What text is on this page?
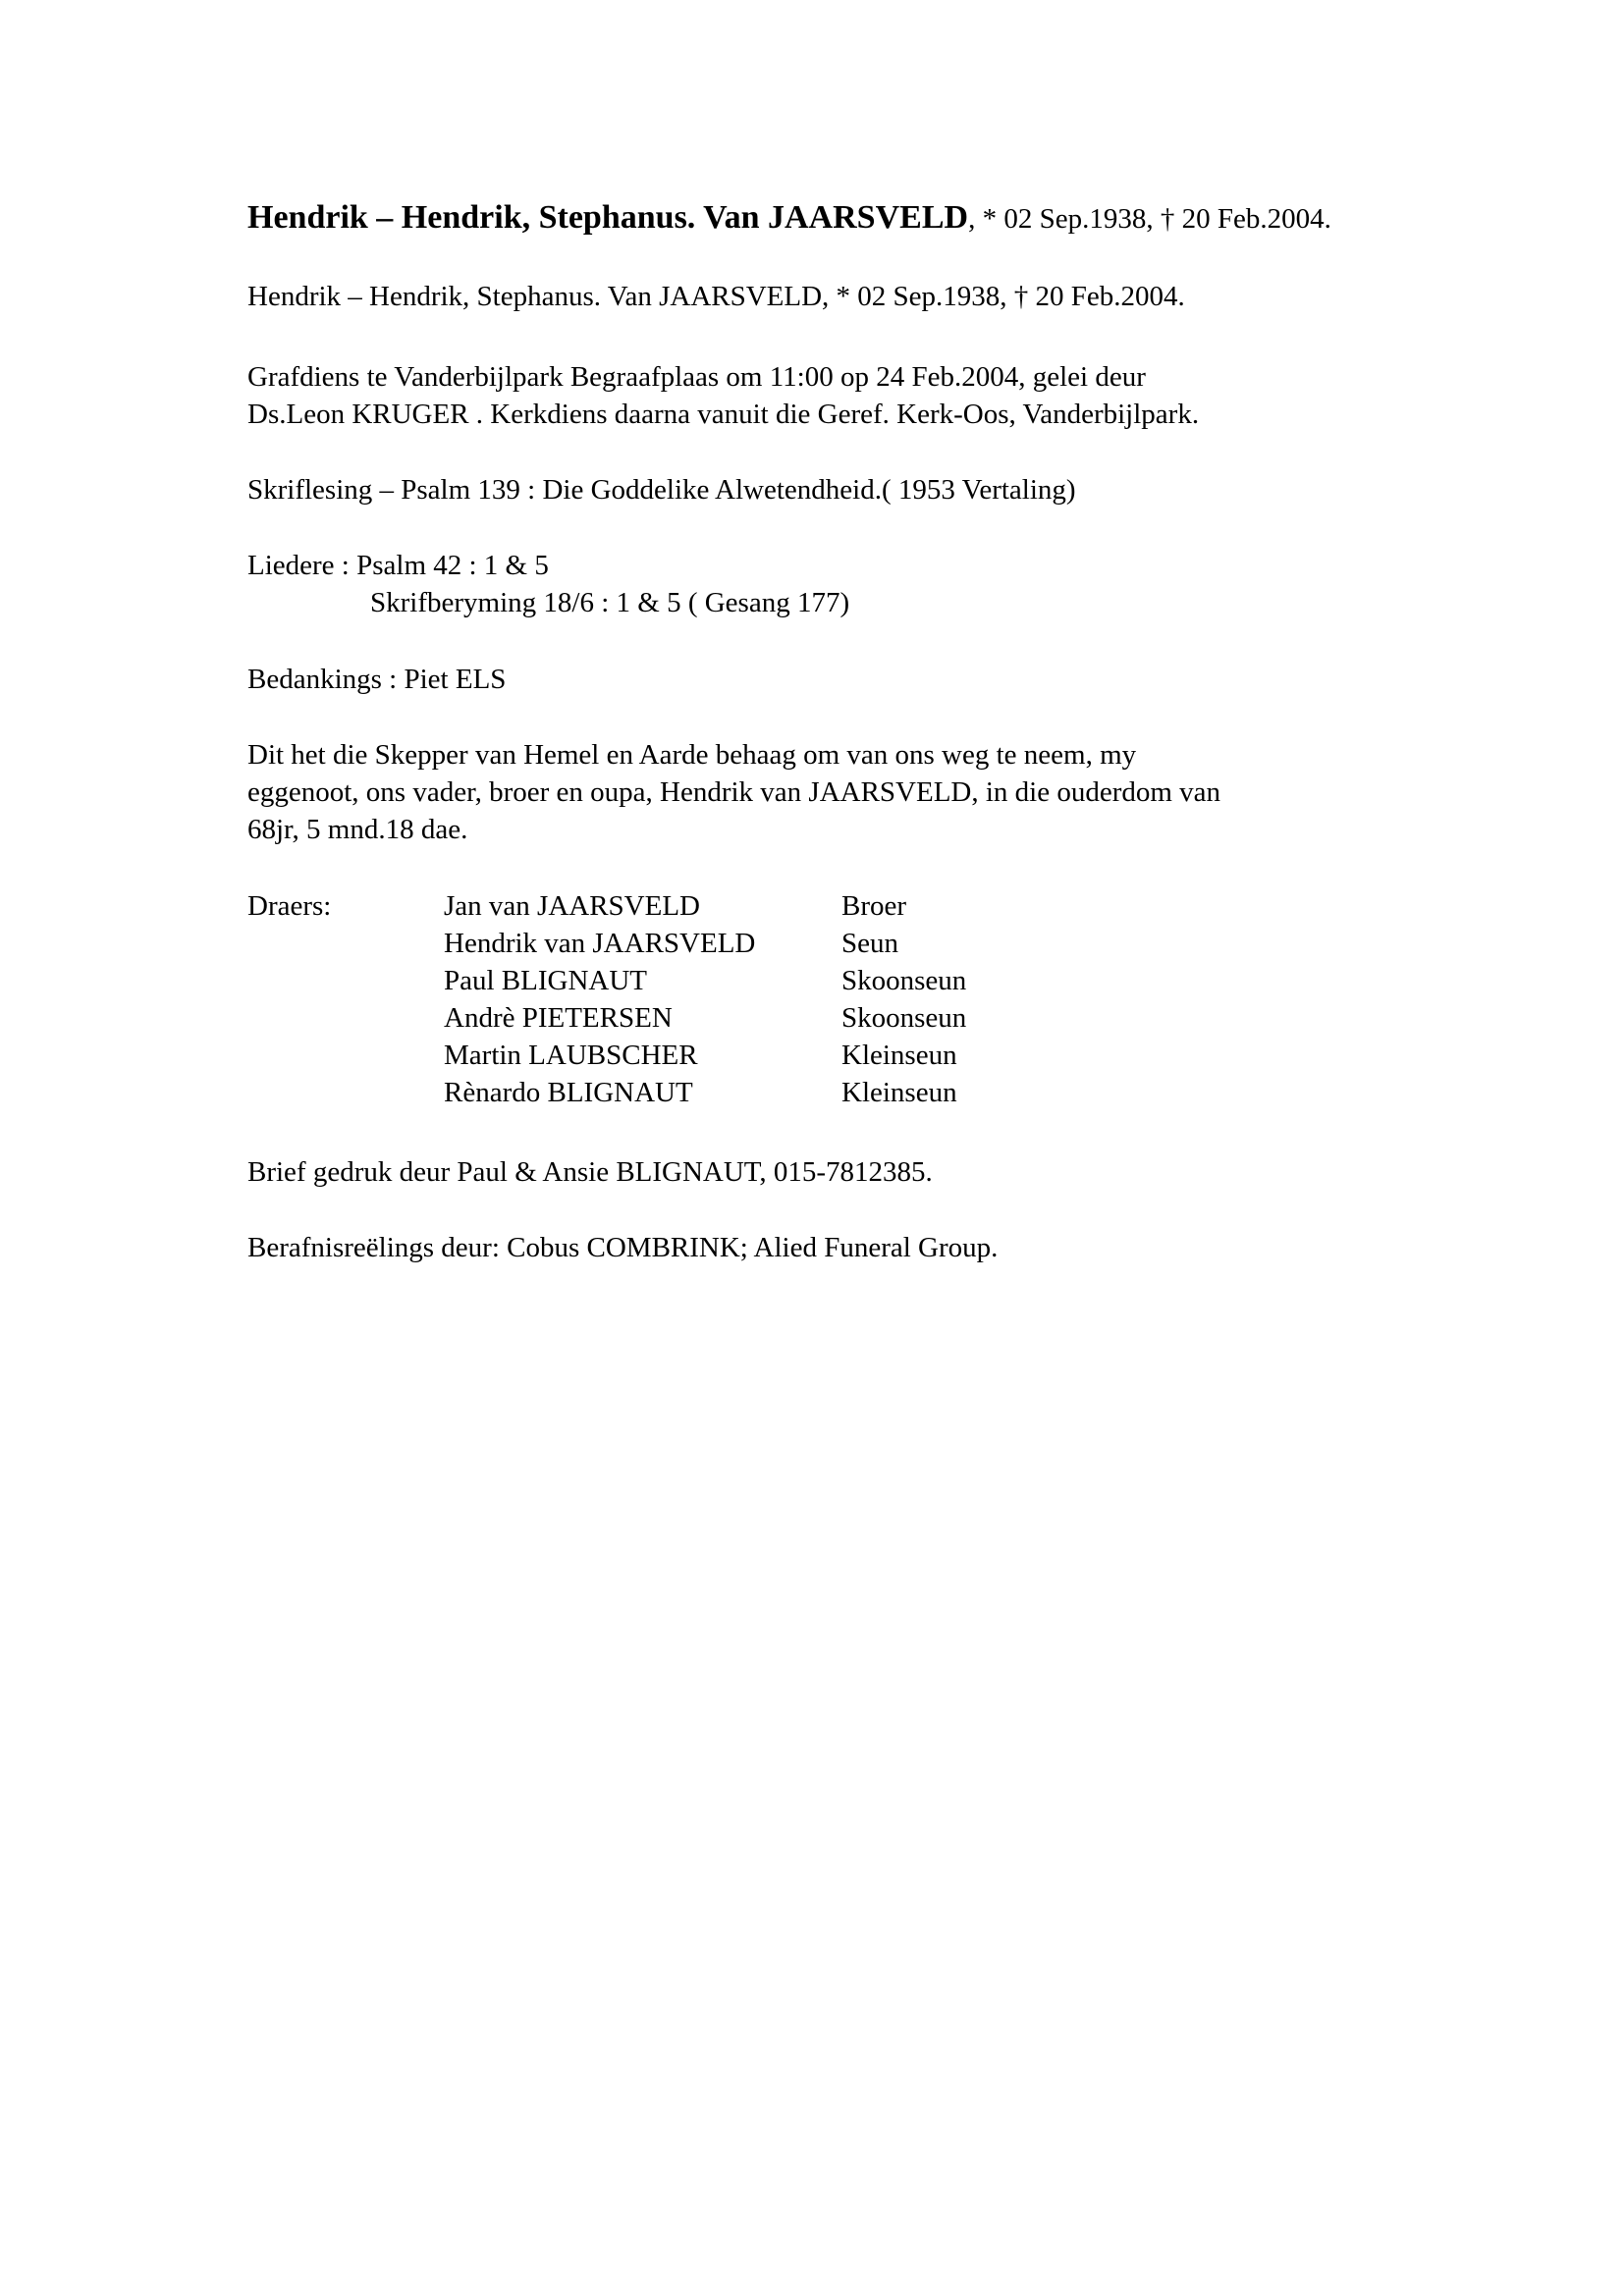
Hendrik – Hendrik, Stephanus. Van JAARSVELD, * 02 Sep.1938, † 20 Feb.2004.
Hendrik – Hendrik, Stephanus. Van JAARSVELD, * 02 Sep.1938, † 20 Feb.2004.
Grafdiens te Vanderbijlpark Begraafplaas om 11:00 op 24 Feb.2004, gelei deur
Ds.Leon KRUGER . Kerkdiens daarna vanuit die Geref. Kerk-Oos, Vanderbijlpark.
Skriflesing – Psalm 139 : Die Goddelike Alwetendheid.( 1953 Vertaling)
Liedere : Psalm 42 : 1 & 5
Skrifberyming 18/6 : 1 & 5 ( Gesang 177)
Bedankings : Piet ELS
Dit het die Skepper van Hemel en Aarde behaag om van ons weg te neem, my
eggenoot, ons vader, broer en oupa, Hendrik van JAARSVELD, in die ouderdom van
68jr, 5 mnd.18 dae.
Draers:	Jan van JAARSVELD	Broer
Hendrik van JAARSVELD	Seun
Paul BLIGNAUT	Skoonseun
Andrè PIETERSEN	Skoonseun
Martin LAUBSCHER	Kleinseun
Rènardo BLIGNAUT	Kleinseun
Brief gedruk deur Paul & Ansie BLIGNAUT, 015-7812385.
Berafnisreëlings deur: Cobus COMBRINK; Alied Funeral Group.
